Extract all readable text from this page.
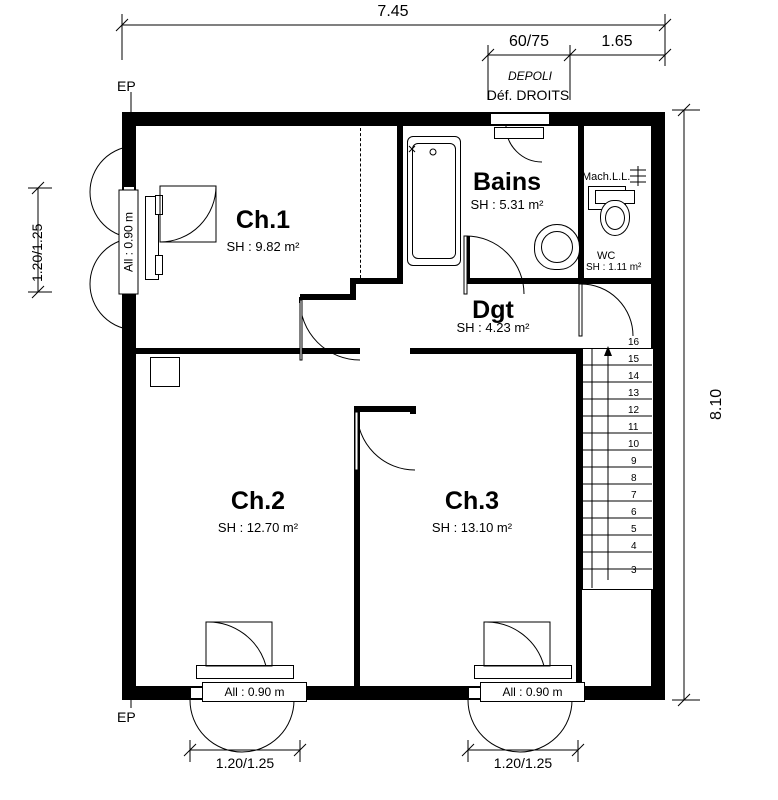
7.45
60/75	1.65
8.10
1.20/1.25
1.20/1.25	1.20/1.25
EP
EP
DEPOLI
Déf. DROITS
All : 0.90 m	All : 0.90 m
All : 0.90 m
Mach.L.L.
16
15
14
13
12
11
10
9
8
7
6
5
4
3
Ch.1
SH : 9.82 m²
Bains
SH : 5.31 m²
WC
SH : 1.11 m²
Dgt
SH : 4.23 m²
Ch.2
SH : 12.70 m²
Ch.3
SH : 13.10 m²
